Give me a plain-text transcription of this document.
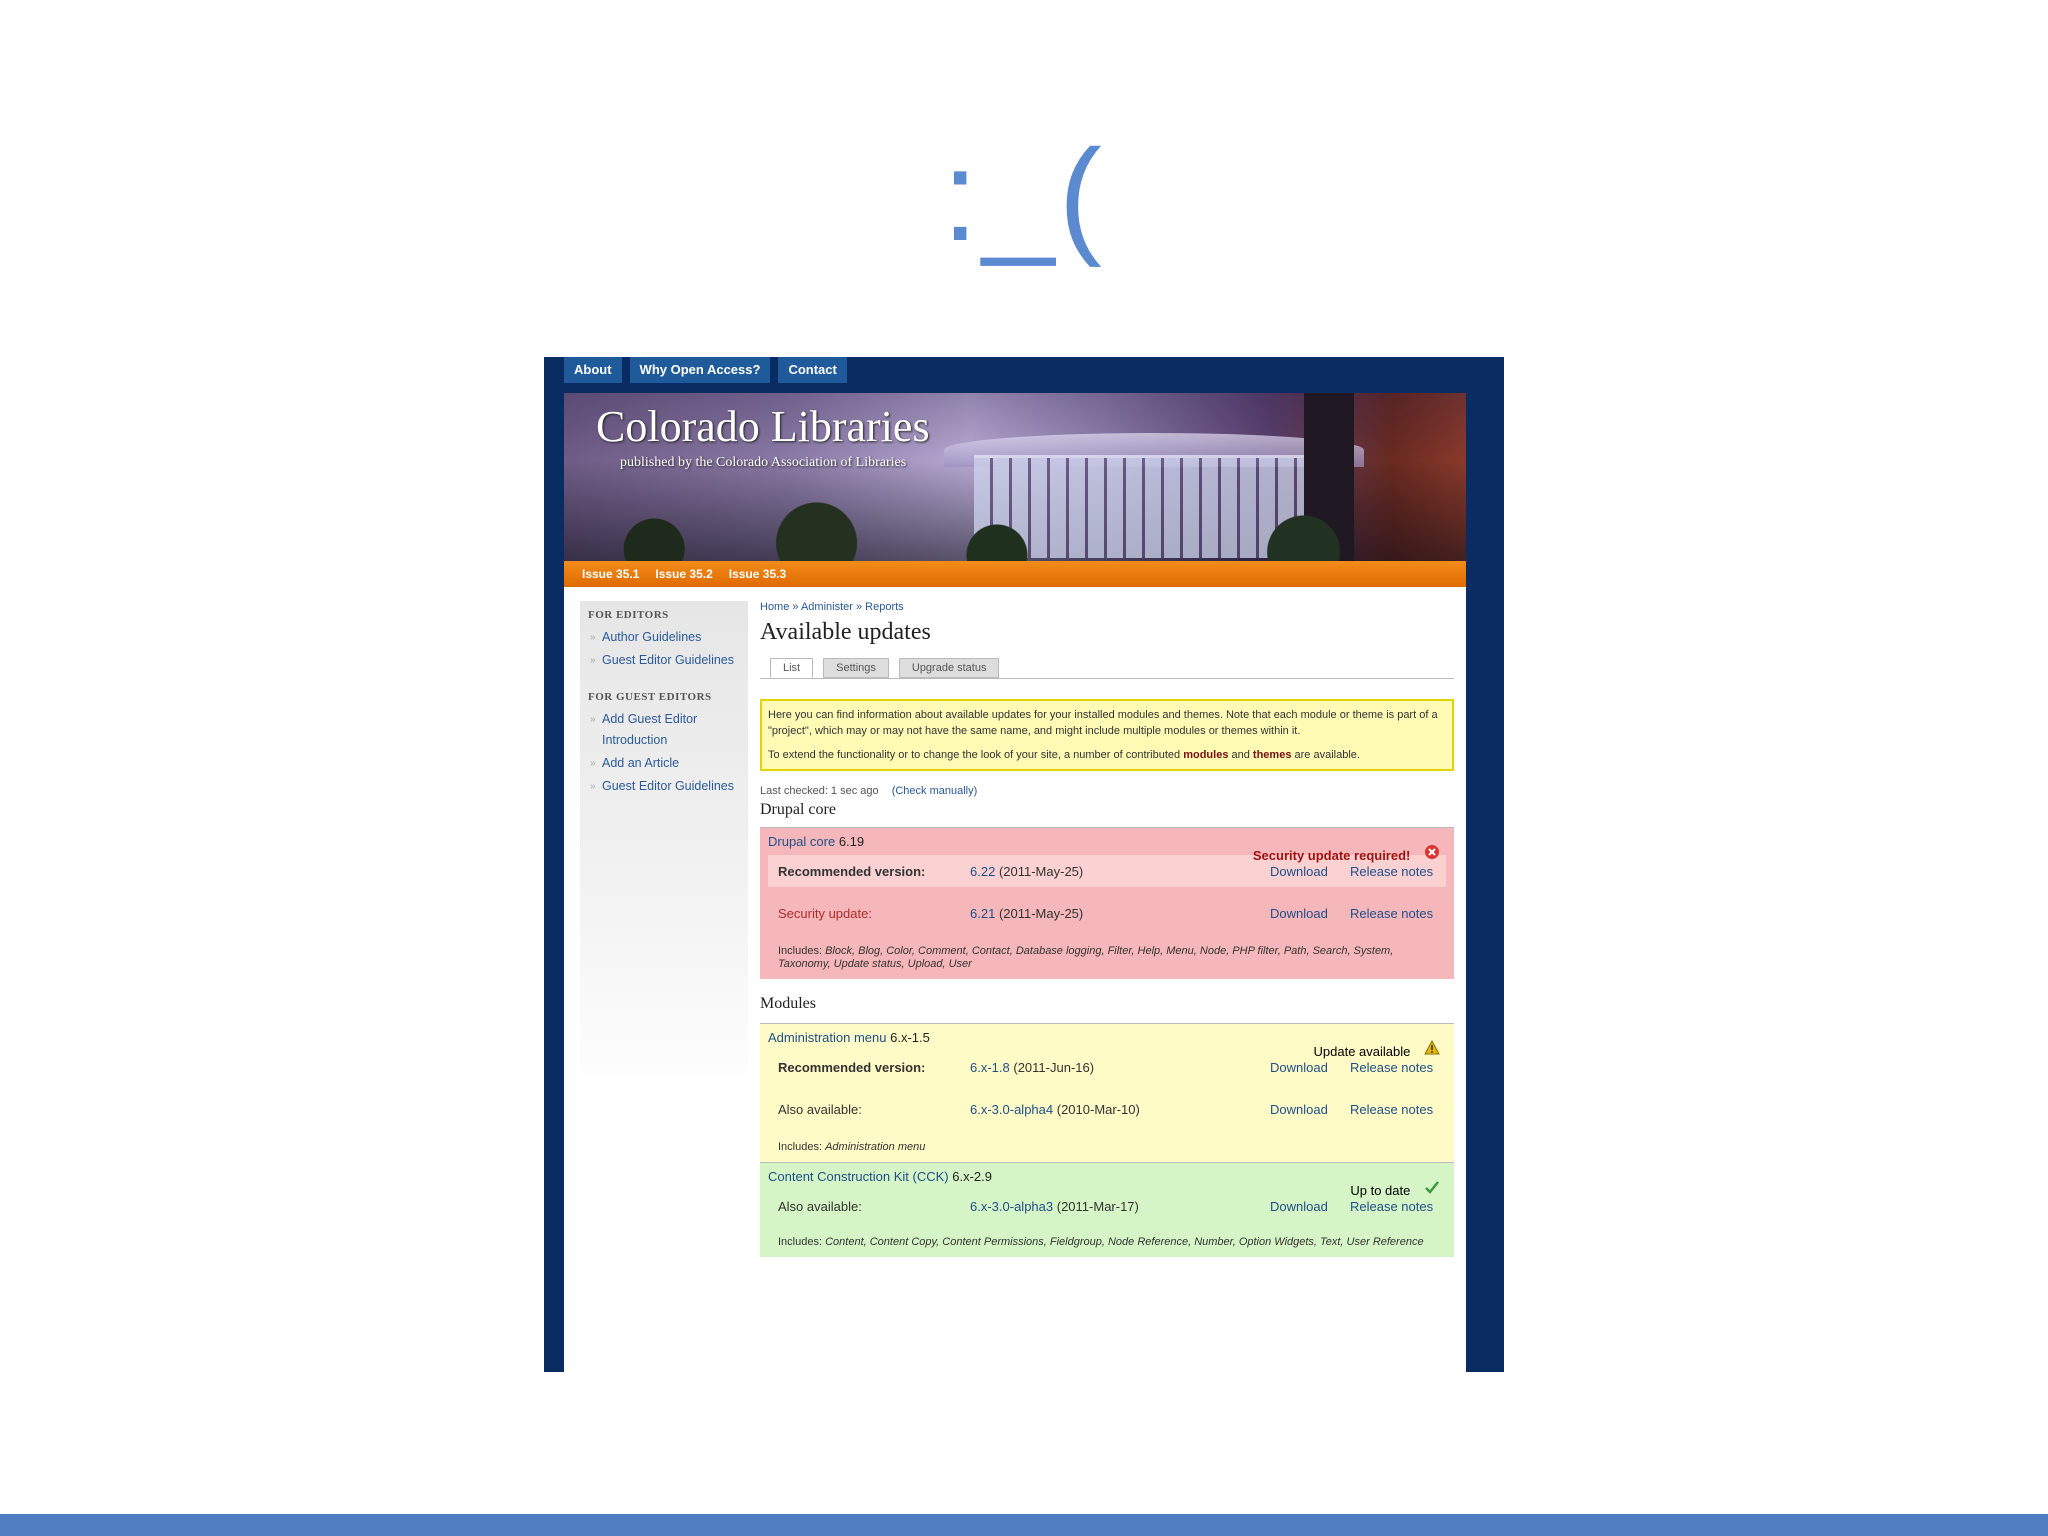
:_(
About	Why Open Access?	Contact
Colorado Libraries
published by the Colorado Association of Libraries
Issue 35.1 Issue 35.2 Issue 35.3
FOR EDITORS
» Author Guidelines
» Guest Editor Guidelines
FOR GUEST EDITORS
» Add Guest Editor Introduction
» Add an Article
» Guest Editor Guidelines
Home » Administer » Reports
Available updates
List	Settings	Upgrade status

Here you can find information about available updates for your installed modules and themes. Note that each module or theme is part of a "project", which may or may not have the same name, and might include multiple modules or themes within it.

To extend the functionality or to change the look of your site, a number of contributed modules and themes are available.

Last checked: 1 sec ago (Check manually)
Drupal core
Drupal core 6.19
Security update required!
Recommended version:	6.22 (2011-May-25)	Download	Release notes
Security update:	6.21 (2011-May-25)	Download	Release notes
Includes: Block, Blog, Color, Comment, Contact, Database logging, Filter, Help, Menu, Node, PHP filter, Path, Search, System, Taxonomy, Update status, Upload, User
Modules
Administration menu 6.x-1.5
Update available
Recommended version:	6.x-1.8 (2011-Jun-16)	Download	Release notes
Also available:	6.x-3.0-alpha4 (2010-Mar-10)	Download	Release notes
Includes: Administration menu
Content Construction Kit (CCK) 6.x-2.9
Up to date
Also available:	6.x-3.0-alpha3 (2011-Mar-17)	Download	Release notes
Includes: Content, Content Copy, Content Permissions, Fieldgroup, Node Reference, Number, Option Widgets, Text, User Reference
